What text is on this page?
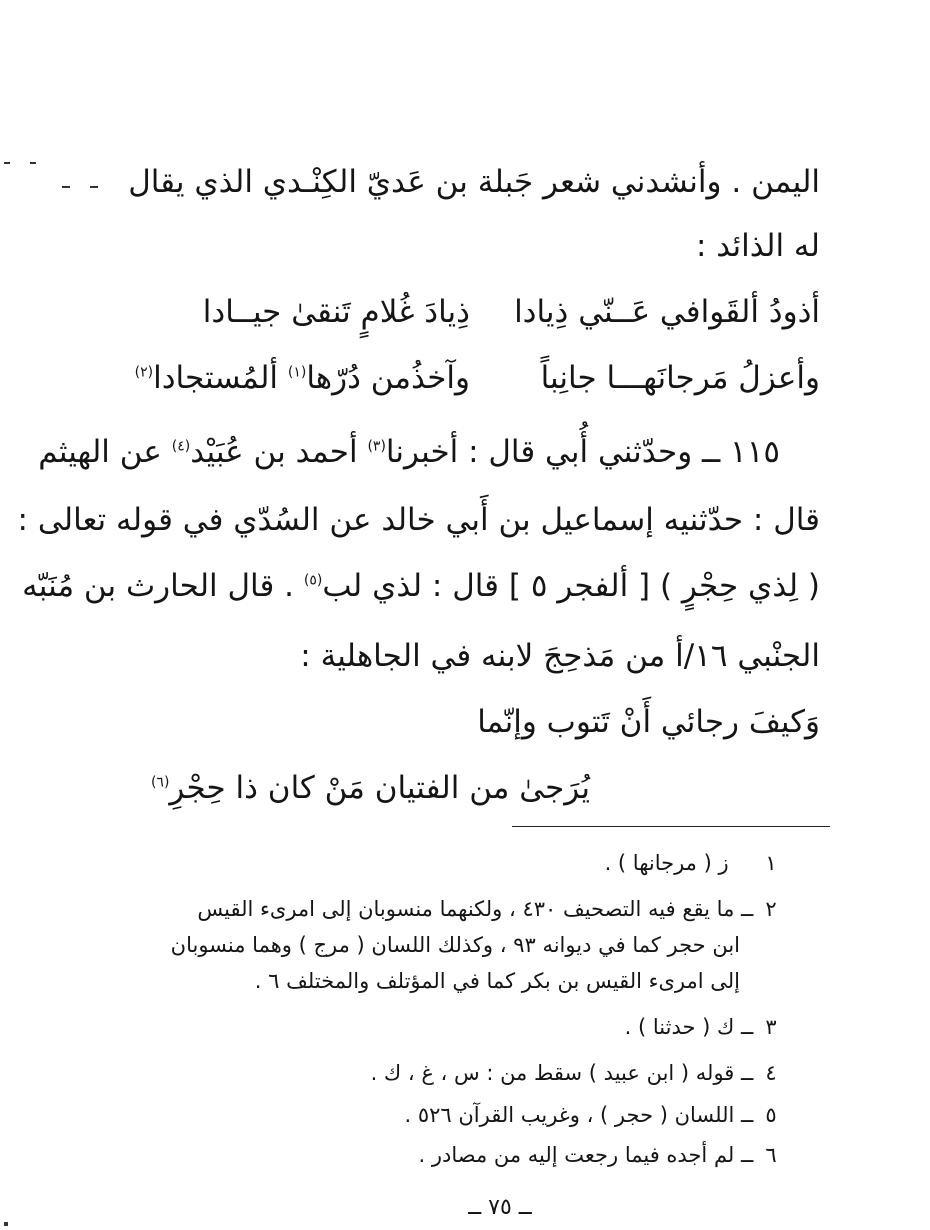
اليمن . وأنشدني شعر جَبلة بن عَديّ الكِنْـدي الذي يقال
له الذائد :
أذودُ ألقَوافي عَــنّي ذِيادا
ذِيادَ غُلامٍ تَنقىٰ جيــادا
وأعزلُ مَرجانَهـــا جانِباً
وآخذُمن دُرّها$^{(١)}$ ألمُستجادا$^{(٢)}$
١١٥ ــ وحدّثني أُبي قال : أخبرنا$^{(٣)}$ أحمد بن عُبَيْد$^{(٤)}$ عن الهيثم
قال : حدّثنيه إسماعيل بن أَبي خالد عن السُدّي في قوله تعالى :
( لِذي حِجْرٍ ) [ ألفجر ٥ ] قال : لذي لب$^{(٥)}$ . قال الحارث بن مُنَبّه
الجنْبي ١٦/أ من مَذحِجَ لابنه في الجاهلية :
وَكيفَ رجائي أَنْ تَتوب وإنّما
يُرَجىٰ من الفتيان مَنْ كان ذا حِجْرِ$^{(٦)}$
١  ز ( مرجانها ) .
٢ ــ ما يقع فيه التصحيف ٤٣٠ ، ولكنهما منسوبان إلى امرىء القيس
ابن حجر كما في ديوانه ٩٣ ، وكذلك اللسان ( مرج ) وهما منسوبان
إلى امرىء القيس بن بكر كما في المؤتلف والمختلف ٦ .
٣ ــ ك ( حدثنا ) .
٤ ــ قوله ( ابن عبيد ) سقط من : س ، غ ، ك .
٥ ــ اللسان ( حجر ) ، وغريب القرآن ٥٢٦ .
٦ ــ لم أجده فيما رجعت إليه من مصادر .
ــ ٧٥ ــ
